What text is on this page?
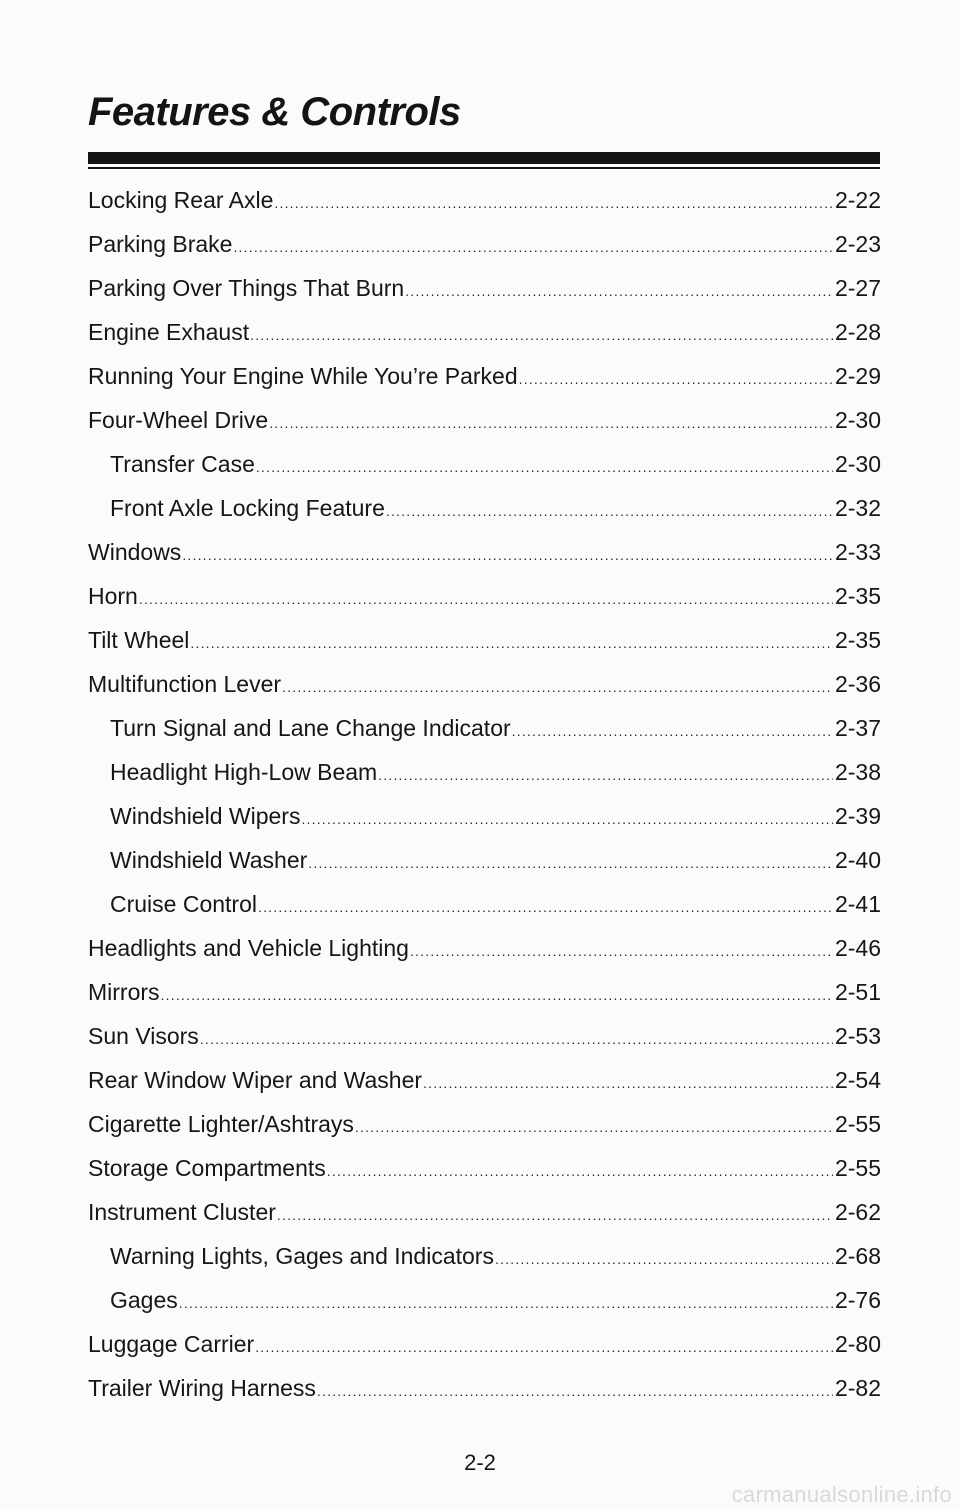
Features & Controls
Locking Rear Axle .....	2-22
Parking Brake .....	2-23
Parking Over Things That Burn .....	2-27
Engine Exhaust .....	2-28
Running Your Engine While You’re Parked .....	2-29
Four-Wheel Drive .....	2-30
Transfer Case .....	2-30
Front Axle Locking Feature .....	2-32
Windows .....	2-33
Horn .....	2-35
Tilt Wheel .....	2-35
Multifunction Lever .....	2-36
Turn Signal and Lane Change Indicator .....	2-37
Headlight High-Low Beam .....	2-38
Windshield Wipers .....	2-39
Windshield Washer .....	2-40
Cruise Control .....	2-41
Headlights and Vehicle Lighting .....	2-46
Mirrors .....	2-51
Sun Visors .....	2-53
Rear Window Wiper and Washer .....	2-54
Cigarette Lighter/Ashtrays .....	2-55
Storage Compartments .....	2-55
Instrument Cluster .....	2-62
Warning Lights, Gages and Indicators .....	2-68
Gages .....	2-76
Luggage Carrier .....	2-80
Trailer Wiring Harness .....	2-82
2-2
carmanualsonline.info
